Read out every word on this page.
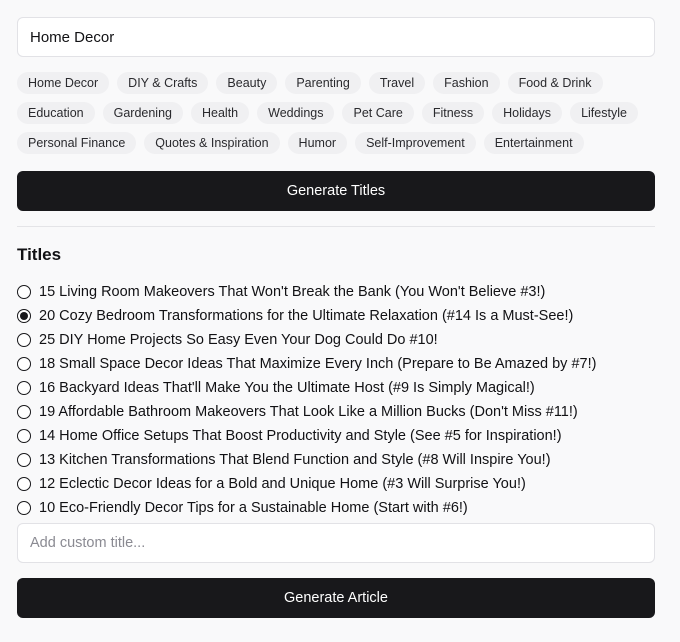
Home Decor
Home Decor	DIY & Crafts	Beauty	Parenting	Travel	Fashion	Food & Drink
Education	Gardening	Health	Weddings	Pet Care	Fitness	Holidays	Lifestyle
Personal Finance	Quotes & Inspiration	Humor	Self-Improvement	Entertainment
Generate Titles
Titles
15 Living Room Makeovers That Won't Break the Bank (You Won't Believe #3!)
20 Cozy Bedroom Transformations for the Ultimate Relaxation (#14 Is a Must-See!)
25 DIY Home Projects So Easy Even Your Dog Could Do #10!
18 Small Space Decor Ideas That Maximize Every Inch (Prepare to Be Amazed by #7!)
16 Backyard Ideas That'll Make You the Ultimate Host (#9 Is Simply Magical!)
19 Affordable Bathroom Makeovers That Look Like a Million Bucks (Don't Miss #11!)
14 Home Office Setups That Boost Productivity and Style (See #5 for Inspiration!)
13 Kitchen Transformations That Blend Function and Style (#8 Will Inspire You!)
12 Eclectic Decor Ideas for a Bold and Unique Home (#3 Will Surprise You!)
10 Eco-Friendly Decor Tips for a Sustainable Home (Start with #6!)
Add custom title...
Generate Article
